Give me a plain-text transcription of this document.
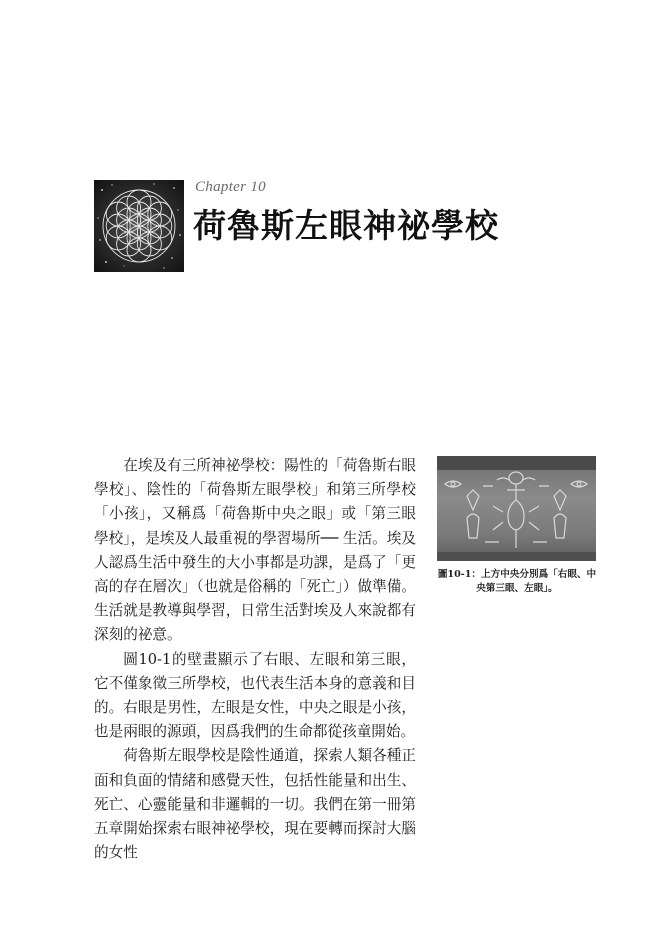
Chapter 10
荷魯斯左眼神祕學校

在埃及有三所神祕學校：陽性的「荷魯斯右眼學校」、陰性的「荷魯斯左眼學校」和第三所學校「小孩」，又稱爲「荷魯斯中央之眼」或「第三眼學校」，是埃及人最重視的學習場所── 生活。埃及人認爲生活中發生的大小事都是功課，是爲了「更高的存在層次」（也就是俗稱的「死亡」）做準備。生活就是教導與學習，日常生活對埃及人來說都有深刻的祕意。

圖10-1的壁畫顯示了右眼、左眼和第三眼，它不僅象徵三所學校，也代表生活本身的意義和目的。右眼是男性，左眼是女性，中央之眼是小孩，也是兩眼的源頭，因爲我們的生命都從孩童開始。

荷魯斯左眼學校是陰性通道，探索人類各種正面和負面的情緒和感覺天性，包括性能量和出生、死亡、心靈能量和非邏輯的一切。我們在第一冊第五章開始探索右眼神祕學校，現在要轉而探討大腦的女性

圖10-1：上方中央分別爲「右眼、中央第三眼、左眼」。
